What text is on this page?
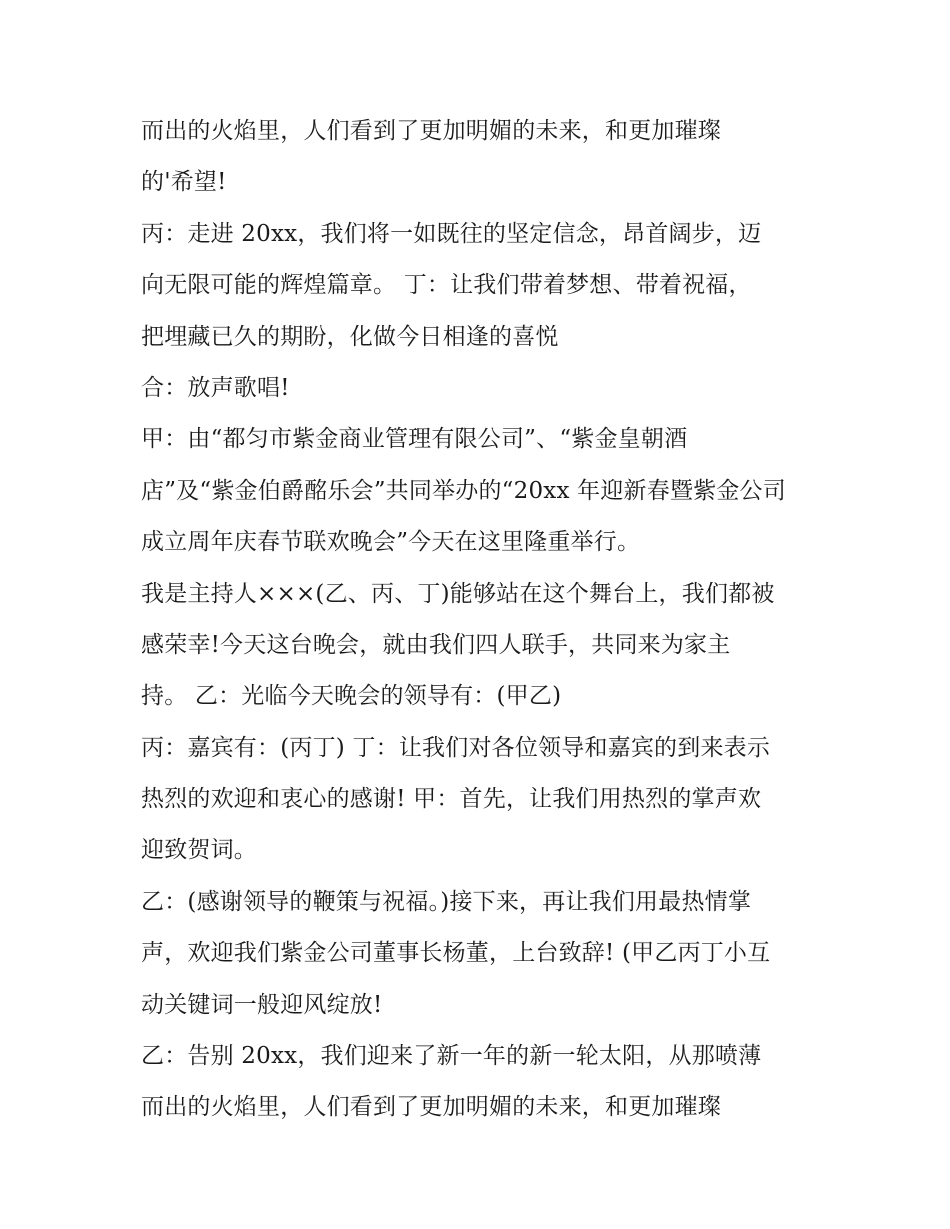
而出的火焰里，人们看到了更加明媚的未来，和更加璀璨
的'希望!
丙：走进 20xx，我们将一如既往的坚定信念，昂首阔步，迈
向无限可能的辉煌篇章。 丁：让我们带着梦想、带着祝福，
把埋藏已久的期盼，化做今日相逢的喜悦
合：放声歌唱!
甲：由“都匀市紫金商业管理有限公司”、“紫金皇朝酒
店”及“紫金伯爵酩乐会”共同举办的“20xx 年迎新春暨紫金公司
成立周年庆春节联欢晚会”今天在这里隆重举行。
我是主持人×××(乙、丙、丁)能够站在这个舞台上，我们都被
感荣幸!今天这台晚会，就由我们四人联手，共同来为家主
持。 乙：光临今天晚会的领导有：(甲乙)
丙：嘉宾有：(丙丁) 丁：让我们对各位领导和嘉宾的到来表示
热烈的欢迎和衷心的感谢! 甲：首先，让我们用热烈的掌声欢
迎致贺词。
乙：(感谢领导的鞭策与祝福。)接下来，再让我们用最热情掌
声，欢迎我们紫金公司董事长杨董，上台致辞! (甲乙丙丁小互
动关键词一般迎风绽放!
乙：告别 20xx，我们迎来了新一年的新一轮太阳，从那喷薄
而出的火焰里，人们看到了更加明媚的未来，和更加璀璨
